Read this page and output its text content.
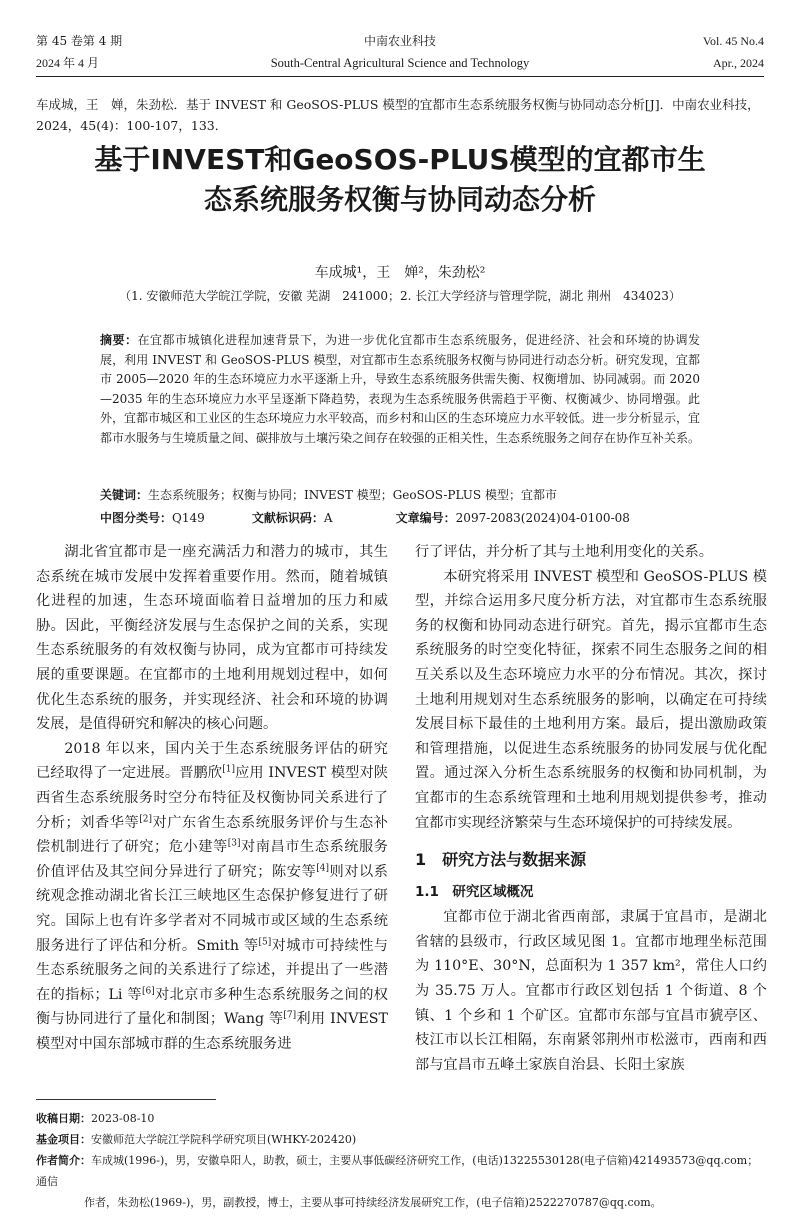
第 45 卷第 4 期
2024 年 4 月
中南农业科技
South-Central Agricultural Science and Technology
Vol. 45 No.4
Apr., 2024
车成城，王　婵，朱劲松．基于 INVEST 和 GeoSOS-PLUS 模型的宜都市生态系统服务权衡与协同动态分析[J]．中南农业科技，2024，45(4)：100-107，133．
基于INVEST和GeoSOS-PLUS模型的宜都市生
态系统服务权衡与协同动态分析
车成城¹，王　婵²，朱劲松²
（1. 安徽师范大学皖江学院，安徽 芜湖　241000；2. 长江大学经济与管理学院，湖北 荆州　434023）
摘要：在宜都市城镇化进程加速背景下，为进一步优化宜都市生态系统服务，促进经济、社会和环境的协调发展，利用 INVEST 和 GeoSOS-PLUS 模型，对宜都市生态系统服务权衡与协同进行动态分析。研究发现，宜都市 2005—2020 年的生态环境应力水平逐渐上升，导致生态系统服务供需失衡、权衡增加、协同减弱。而 2020—2035 年的生态环境应力水平呈逐渐下降趋势，表现为生态系统服务供需趋于平衡、权衡减少、协同增强。此外，宜都市城区和工业区的生态环境应力水平较高，而乡村和山区的生态环境应力水平较低。进一步分析显示，宜都市水服务与生境质量之间、碳排放与土壤污染之间存在较强的正相关性，生态系统服务之间存在协作互补关系。
关键词：生态系统服务；权衡与协同；INVEST 模型；GeoSOS-PLUS 模型；宜都市
中图分类号：Q149	文献标识码：A	文章编号：2097-2083(2024)04-0100-08

湖北省宜都市是一座充满活力和潜力的城市，其生态系统在城市发展中发挥着重要作用。然而，随着城镇化进程的加速，生态环境面临着日益增加的压力和威胁。因此，平衡经济发展与生态保护之间的关系，实现生态系统服务的有效权衡与协同，成为宜都市可持续发展的重要课题。在宜都市的土地利用规划过程中，如何优化生态系统的服务，并实现经济、社会和环境的协调发展，是值得研究和解决的核心问题。

2018 年以来，国内关于生态系统服务评估的研究已经取得了一定进展。晋鹏欣[1]应用 INVEST 模型对陕西省生态系统服务时空分布特征及权衡协同关系进行了分析；刘香华等[2]对广东省生态系统服务评价与生态补偿机制进行了研究；危小建等[3]对南昌市生态系统服务价值评估及其空间分异进行了研究；陈安等[4]则对以系统观念推动湖北省长江三峡地区生态保护修复进行了研究。国际上也有许多学者对不同城市或区域的生态系统服务进行了评估和分析。Smith 等[5]对城市可持续性与生态系统服务之间的关系进行了综述，并提出了一些潜在的指标；Li 等[6]对北京市多种生态系统服务之间的权衡与协同进行了量化和制图；Wang 等[7]利用 INVEST 模型对中国东部城市群的生态系统服务进

行了评估，并分析了其与土地利用变化的关系。

本研究将采用 INVEST 模型和 GeoSOS-PLUS 模型，并综合运用多尺度分析方法，对宜都市生态系统服务的权衡和协同动态进行研究。首先，揭示宜都市生态系统服务的时空变化特征，探索不同生态服务之间的相互关系以及生态环境应力水平的分布情况。其次，探讨土地利用规划对生态系统服务的影响，以确定在可持续发展目标下最佳的土地利用方案。最后，提出激励政策和管理措施，以促进生态系统服务的协同发展与优化配置。通过深入分析生态系统服务的权衡和协同机制，为宜都市的生态系统管理和土地利用规划提供参考，推动宜都市实现经济繁荣与生态环境保护的可持续发展。

1　研究方法与数据来源
1.1　研究区域概况

宜都市位于湖北省西南部，隶属于宜昌市，是湖北省辖的县级市，行政区域见图 1。宜都市地理坐标范围为 110°E、30°N，总面积为 1 357 km²，常住人口约为 35.75 万人。宜都市行政区划包括 1 个街道、8 个镇、1 个乡和 1 个矿区。宜都市东部与宜昌市猇亭区、枝江市以长江相隔，东南紧邻荆州市松滋市，西南和西部与宜昌市五峰土家族自治县、长阳土家族

收稿日期：2023-08-10
基金项目：安徽师范大学皖江学院科学研究项目(WHKY-202420)
作者简介：车成城(1996-)，男，安徽阜阳人，助教，硕士，主要从事低碳经济研究工作，(电话)13225530128(电子信箱)421493573@qq.com；通信
作者，朱劲松(1969-)，男，副教授，博士，主要从事可持续经济发展研究工作，(电子信箱)2522270787@qq.com。
